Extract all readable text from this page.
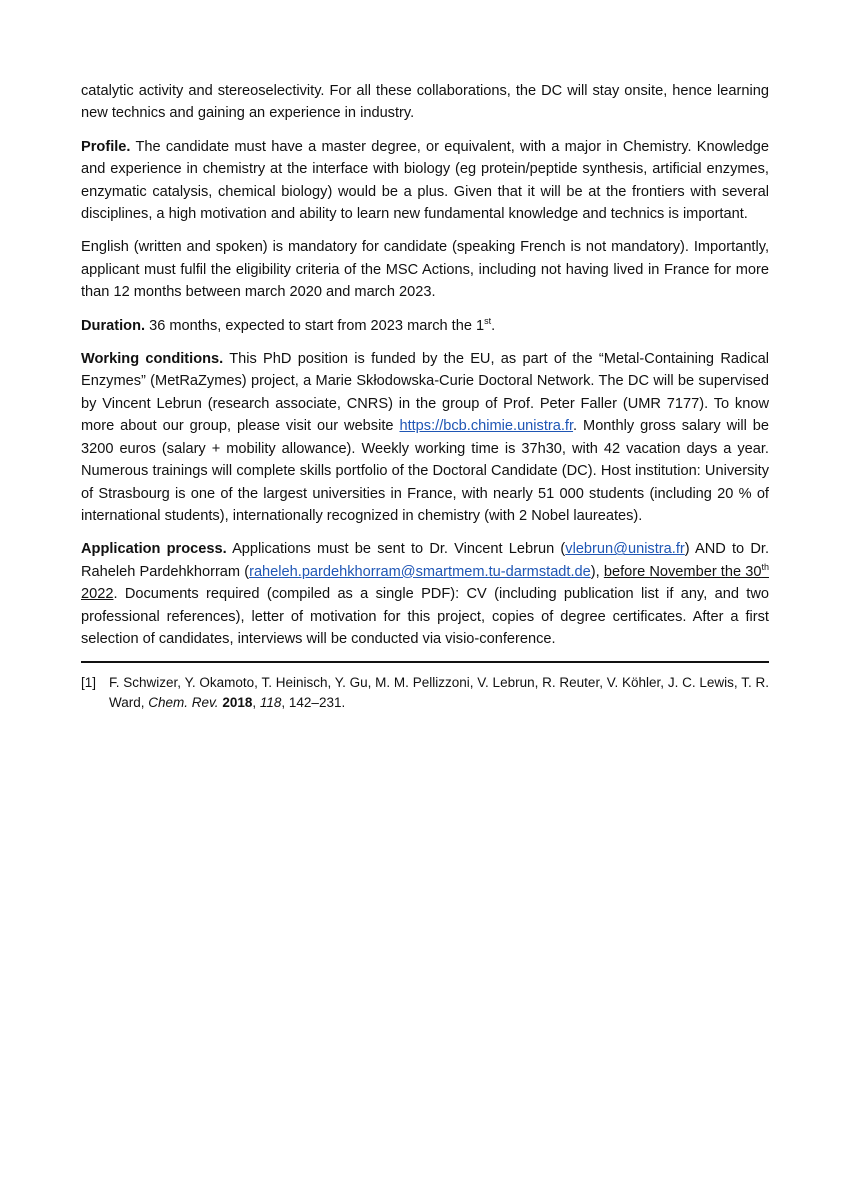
catalytic activity and stereoselectivity. For all these collaborations, the DC will stay onsite, hence learning new technics and gaining an experience in industry.

Profile. The candidate must have a master degree, or equivalent, with a major in Chemistry. Knowledge and experience in chemistry at the interface with biology (eg protein/peptide synthesis, artificial enzymes, enzymatic catalysis, chemical biology) would be a plus. Given that it will be at the frontiers with several disciplines, a high motivation and ability to learn new fundamental knowledge and technics is important.

English (written and spoken) is mandatory for candidate (speaking French is not mandatory). Importantly, applicant must fulfil the eligibility criteria of the MSC Actions, including not having lived in France for more than 12 months between march 2020 and march 2023.

Duration. 36 months, expected to start from 2023 march the 1st.

Working conditions. This PhD position is funded by the EU, as part of the “Metal-Containing Radical Enzymes” (MetRaZymes) project, a Marie Skłodowska-Curie Doctoral Network. The DC will be supervised by Vincent Lebrun (research associate, CNRS) in the group of Prof. Peter Faller (UMR 7177). To know more about our group, please visit our website https://bcb.chimie.unistra.fr. Monthly gross salary will be 3200 euros (salary + mobility allowance). Weekly working time is 37h30, with 42 vacation days a year. Numerous trainings will complete skills portfolio of the Doctoral Candidate (DC). Host institution: University of Strasbourg is one of the largest universities in France, with nearly 51 000 students (including 20 % of international students), internationally recognized in chemistry (with 2 Nobel laureates).

Application process. Applications must be sent to Dr. Vincent Lebrun (vlebrun@unistra.fr) AND to Dr. Raheleh Pardehkhorram (raheleh.pardehkhorram@smartmem.tu-darmstadt.de), before November the 30th 2022. Documents required (compiled as a single PDF): CV (including publication list if any, and two professional references), letter of motivation for this project, copies of degree certificates. After a first selection of candidates, interviews will be conducted via visio-conference.

[1] F. Schwizer, Y. Okamoto, T. Heinisch, Y. Gu, M. M. Pellizzoni, V. Lebrun, R. Reuter, V. Köhler, J. C. Lewis, T. R. Ward, Chem. Rev. 2018, 118, 142–231.
